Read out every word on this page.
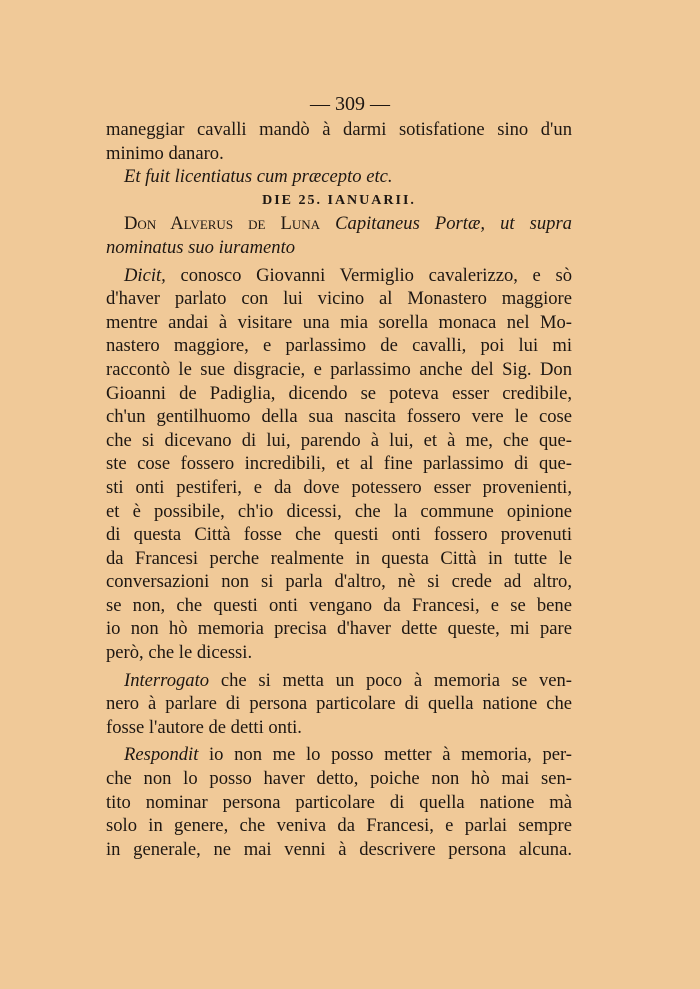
— 309 —
maneggiar cavalli mandò à darmi sotisfatione sino d'un
minimo danaro.
Et fuit licentiatus cum præcepto etc.
DIE 25. IANUARII.
Don Alverus de Luna Capitaneus Portæ, ut supra
nominatus suo iuramento
Dicit, conosco Giovanni Vermiglio cavalerizzo, e sò
d'haver parlato con lui vicino al Monastero maggiore
mentre andai à visitare una mia sorella monaca nel Mo-
nastero maggiore, e parlassimo de cavalli, poi lui mi
raccontò le sue disgracie, e parlassimo anche del Sig. Don
Gioanni de Padiglia, dicendo se poteva esser credibile,
ch'un gentilhuomo della sua nascita fossero vere le cose
che si dicevano di lui, parendo à lui, et à me, che que-
ste cose fossero incredibili, et al fine parlassimo di que-
sti onti pestiferi, e da dove potessero esser provenienti,
et è possibile, ch'io dicessi, che la commune opinione
di questa Città fosse che questi onti fossero provenuti
da Francesi perche realmente in questa Città in tutte le
conversazioni non si parla d'altro, nè si crede ad altro,
se non, che questi onti vengano da Francesi, e se bene
io non hò memoria precisa d'haver dette queste, mi pare
però, che le dicessi.
Interrogato che si metta un poco à memoria se ven-
nero à parlare di persona particolare di quella natione che
fosse l'autore de detti onti.
Respondit io non me lo posso metter à memoria, per-
che non lo posso haver detto, poiche non hò mai sen-
tito nominar persona particolare di quella natione mà
solo in genere, che veniva da Francesi, e parlai sempre
in generale, ne mai venni à descrivere persona alcuna.
